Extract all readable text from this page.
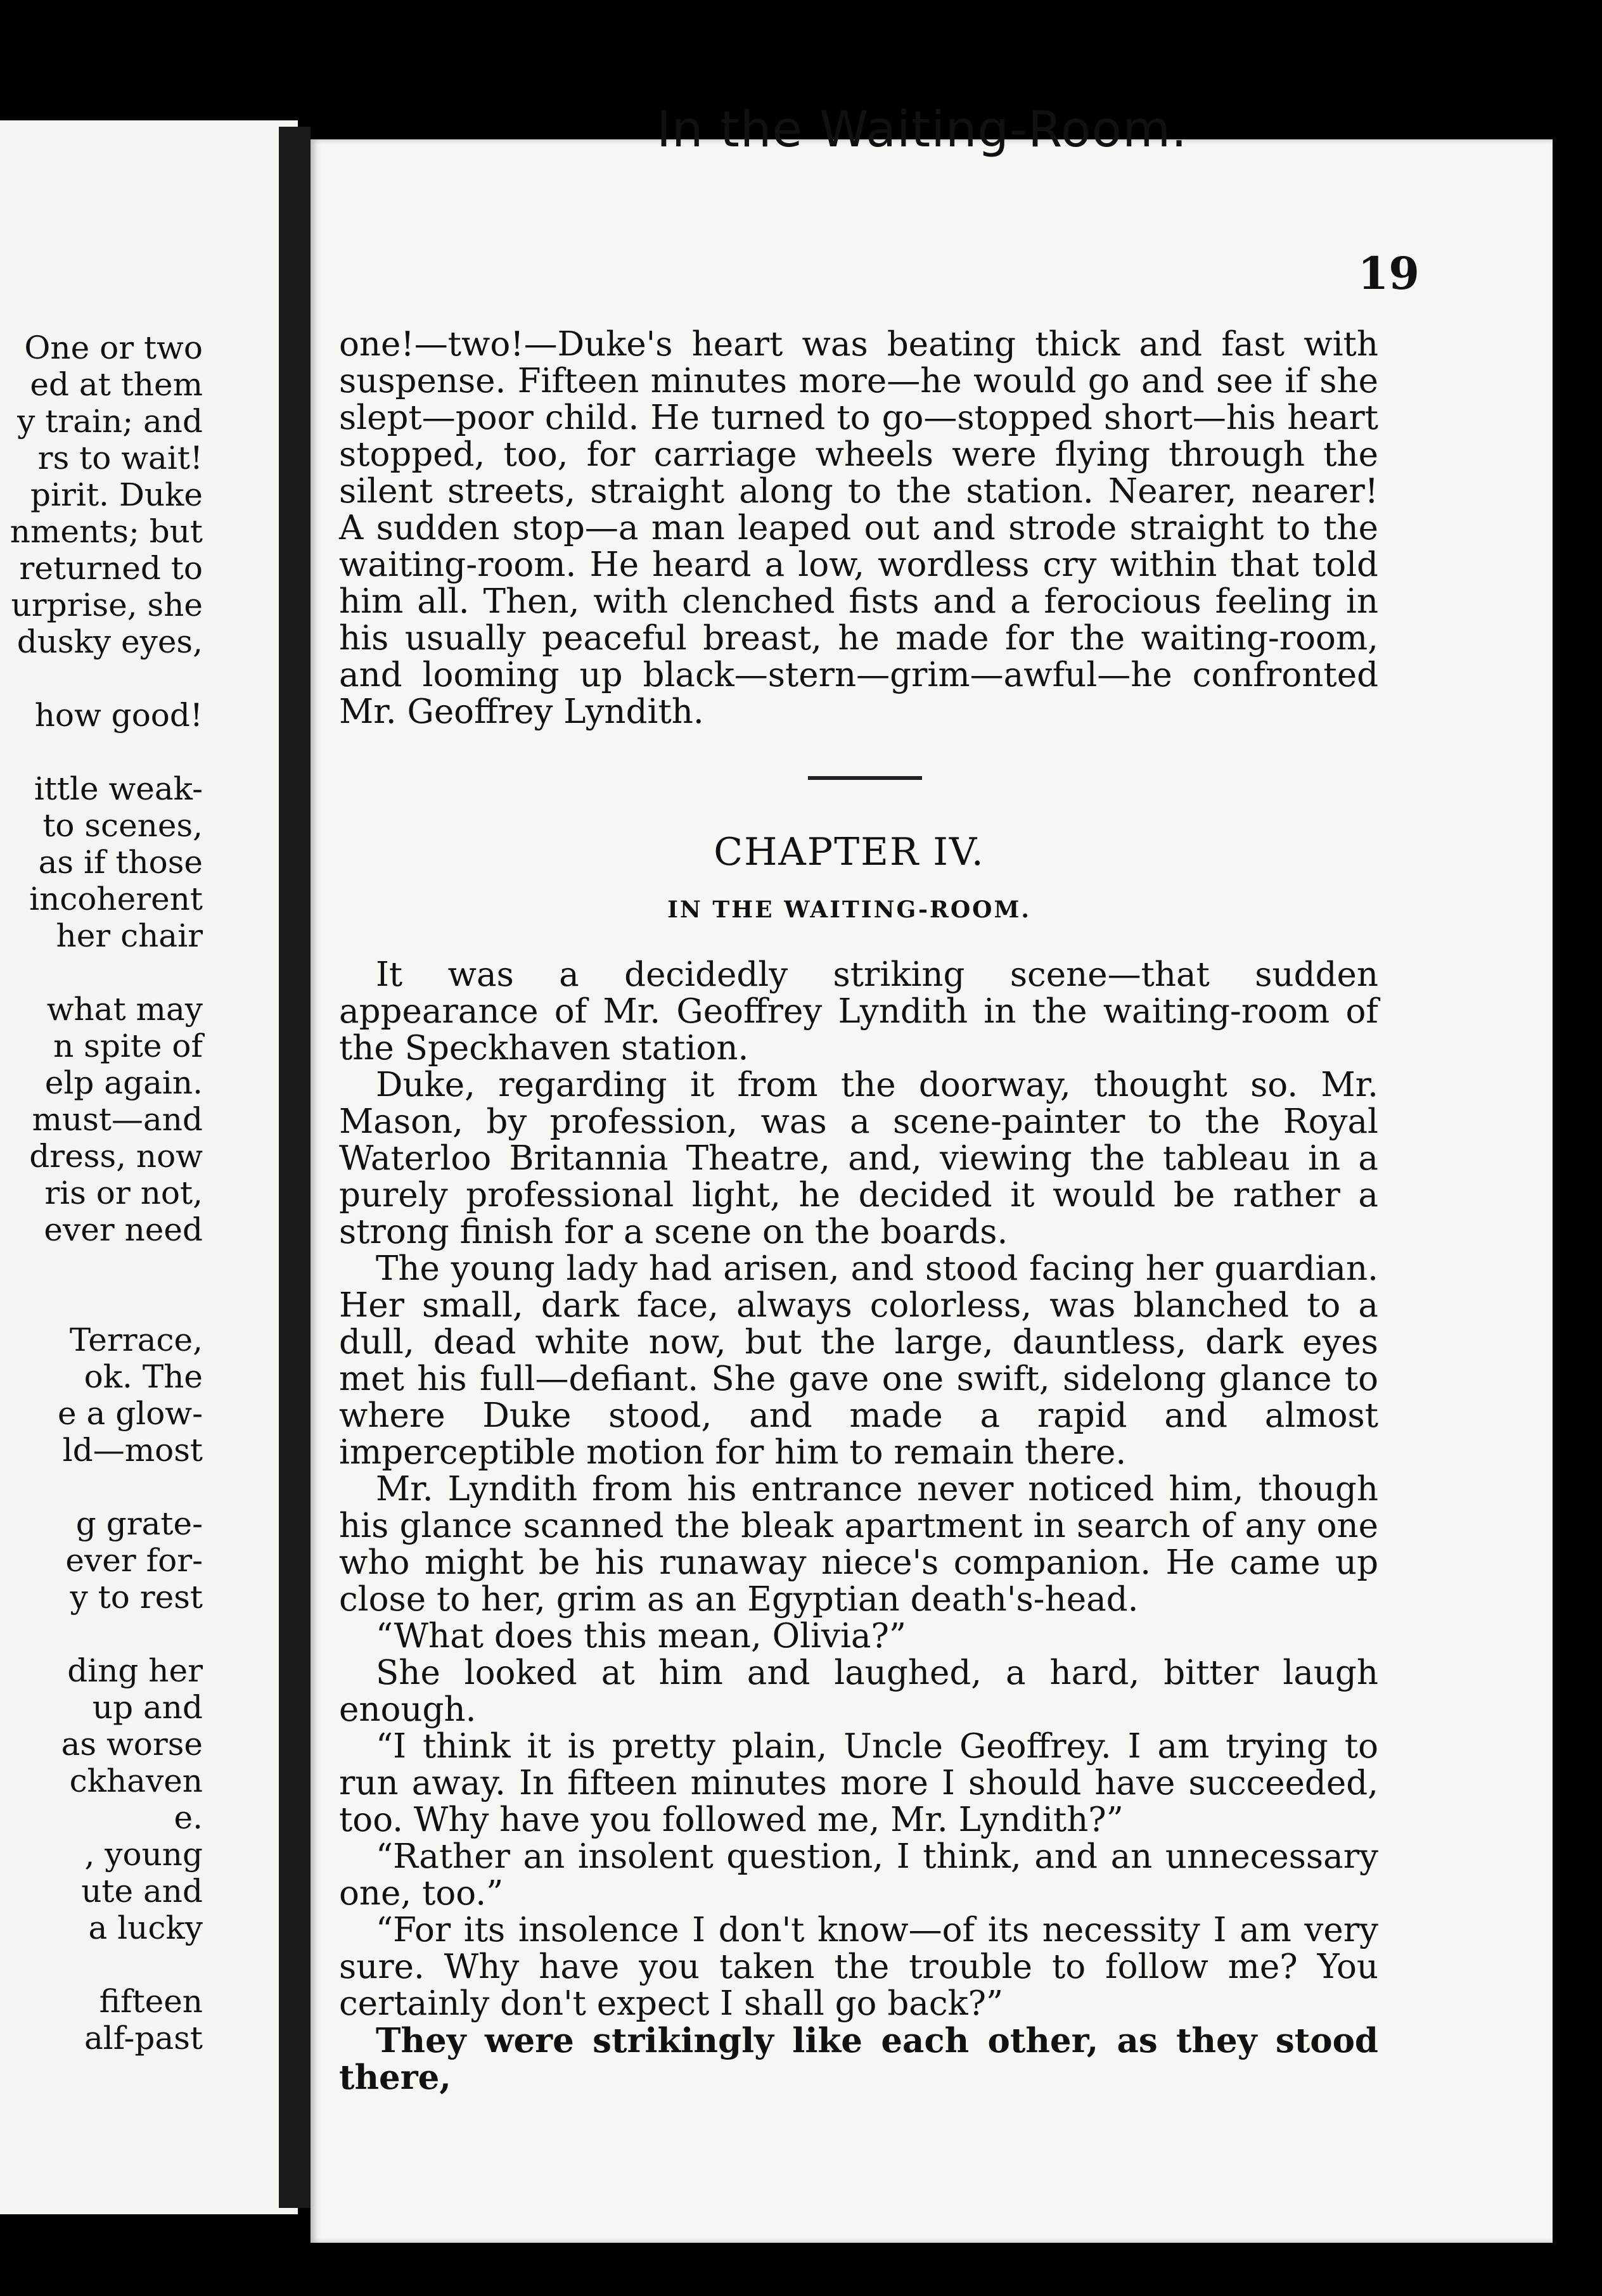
One or two
ed at them
y train; and
rs to wait!
pirit. Duke
nments; but
returned to
urprise, she
dusky eyes,
how good!
ittle weak-
to scenes,
as if those
incoherent
her chair
what may
n spite of
elp again.
must—and
dress, now
ris or not,
ever need
Terrace,
ok. The
e a glow-
ld—most
g grate-
ever for-
y to rest
ding her
up and
as worse
ckhaven
e.
, young
ute and
a lucky
fifteen
alf-past
In the Waiting-Room.
19

one!—two!—Duke's heart was beating thick and fast with suspense. Fifteen minutes more—he would go and see if she slept—poor child. He turned to go—stopped short—his heart stopped, too, for carriage wheels were flying through the silent streets, straight along to the station. Nearer, nearer! A sudden stop—a man leaped out and strode straight to the waiting-room. He heard a low, wordless cry within that told him all. Then, with clenched fists and a ferocious feeling in his usually peaceful breast, he made for the waiting-room, and looming up black—stern—grim—awful—he confronted Mr. Geoffrey Lyndith.

CHAPTER IV.
IN THE WAITING-ROOM.

It was a decidedly striking scene—that sudden appearance of Mr. Geoffrey Lyndith in the waiting-room of the Speckhaven station.

Duke, regarding it from the doorway, thought so. Mr. Mason, by profession, was a scene-painter to the Royal Waterloo Britannia Theatre, and, viewing the tableau in a purely professional light, he decided it would be rather a strong finish for a scene on the boards.

The young lady had arisen, and stood facing her guardian. Her small, dark face, always colorless, was blanched to a dull, dead white now, but the large, dauntless, dark eyes met his full—defiant. She gave one swift, sidelong glance to where Duke stood, and made a rapid and almost imperceptible motion for him to remain there.

Mr. Lyndith from his entrance never noticed him, though his glance scanned the bleak apartment in search of any one who might be his runaway niece's companion. He came up close to her, grim as an Egyptian death's-head.

“What does this mean, Olivia?”

She looked at him and laughed, a hard, bitter laugh enough.

“I think it is pretty plain, Uncle Geoffrey. I am trying to run away. In fifteen minutes more I should have succeeded, too. Why have you followed me, Mr. Lyndith?”

“Rather an insolent question, I think, and an unnecessary one, too.”

“For its insolence I don't know—of its necessity I am very sure. Why have you taken the trouble to follow me? You certainly don't expect I shall go back?”

They were strikingly like each other, as they stood there,
